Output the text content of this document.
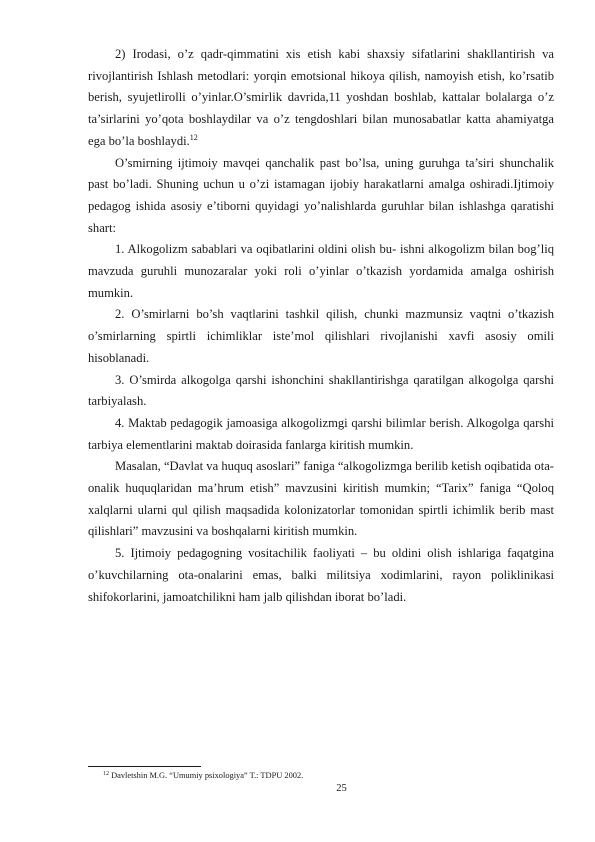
2) Irodasi, o’z qadr-qimmatini xis etish kabi shaxsiy sifatlarini shakllantirish va rivojlantirish Ishlash metodlari: yorqin emotsional hikoya qilish, namoyish etish, ko’rsatib berish, syujetlirolli o’yinlar.O’smirlik davrida,11 yoshdan boshlab, kattalar bolalarga o’z ta’sirlarini yo’qota boshlaydilar va o’z tengdoshlari bilan munosabatlar katta ahamiyatga ega bo’la boshlaydi.$^{12}$

O’smirning ijtimoiy mavqei qanchalik past bo’lsa, uning guruhga ta’siri shunchalik past bo’ladi. Shuning uchun u o’zi istamagan ijobiy harakatlarni amalga oshiradi.Ijtimoiy pedagog ishida asosiy e’tiborni quyidagi yo’nalishlarda guruhlar bilan ishlashga qaratishi shart:

1. Alkogolizm sabablari va oqibatlarini oldini olish bu- ishni alkogolizm bilan bog’liq mavzuda guruhli munozaralar yoki roli o’yinlar o’tkazish yordamida amalga oshirish mumkin.

2. O’smirlarni bo’sh vaqtlarini tashkil qilish, chunki mazmunsiz vaqtni o’tkazish o’smirlarning spirtli ichimliklar iste’mol qilishlari rivojlanishi xavfi asosiy omili hisoblanadi.

3. O’smirda alkogolga qarshi ishonchini shakllantirishga qaratilgan alkogolga qarshi tarbiyalash.

4. Maktab pedagogik jamoasiga alkogolizmgi qarshi bilimlar berish. Alkogolga qarshi tarbiya elementlarini maktab doirasida fanlarga kiritish mumkin.

Masalan, “Davlat va huquq asoslari” faniga “alkogolizmga berilib ketish oqibatida ota-onalik huquqlaridan ma’hrum etish” mavzusini kiritish mumkin; “Tarix” faniga “Qoloq xalqlarni ularni qul qilish maqsadida kolonizatorlar tomonidan spirtli ichimlik berib mast qilishlari” mavzusini va boshqalarni kiritish mumkin.

5. Ijtimoiy pedagogning vositachilik faoliyati – bu oldini olish ishlariga faqatgina o’kuvchilarning ota-onalarini emas, balki militsiya xodimlarini, rayon poliklinikasi shifokorlarini, jamoatchilikni ham jalb qilishdan iborat bo’ladi.

$^{12}$ Davletshin M.G. “Umumiy psixologiya” T.: TDPU 2002.

25
